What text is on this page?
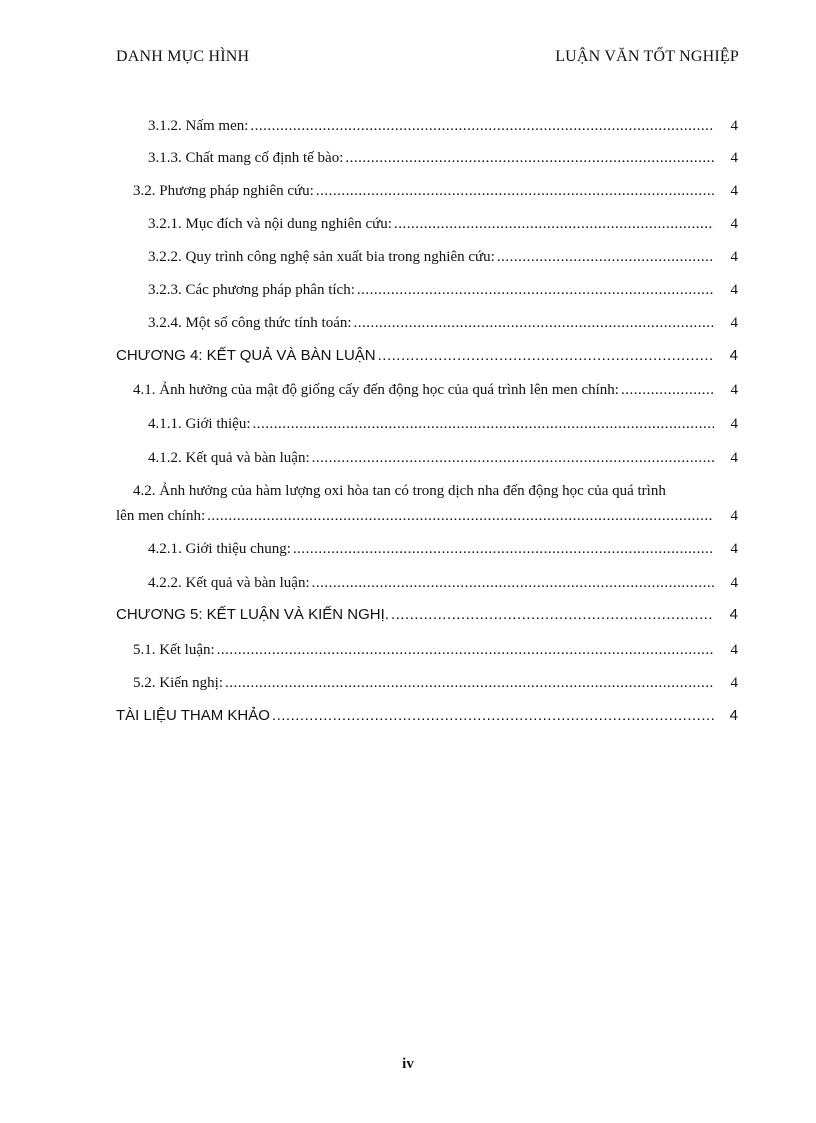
DANH MỤC HÌNH	LUẬN VĂN TỐT NGHIỆP
3.1.2. Nấm men: .....	4
3.1.3. Chất mang cố định tế bào: .....	4
3.2. Phương pháp nghiên cứu: .....	4
3.2.1. Mục đích và nội dung nghiên cứu: .....	4
3.2.2. Quy trình công nghệ sản xuất bia trong nghiên cứu: .....	4
3.2.3. Các phương pháp phân tích: .....	4
3.2.4. Một số công thức tính toán: .....	4
CHƯƠNG 4: KẾT QUẢ VÀ BÀN LUẬN .....	4
4.1. Ảnh hưởng của mật độ giống cấy đến động học của quá trình lên men chính: .....	4
4.1.1. Giới thiệu: .....	4
4.1.2. Kết quả và bàn luận: .....	4
4.2. Ảnh hưởng của hàm lượng oxi hòa tan có trong dịch nha đến động học của quá trình
lên men chính: .....	4
4.2.1. Giới thiệu chung: .....	4
4.2.2. Kết quả và bàn luận: .....	4
CHƯƠNG 5: KẾT LUẬN VÀ KIẾN NGHỊ. .....	4
5.1. Kết luận: .....	4
5.2. Kiến nghị: .....	4
TÀI LIỆU THAM KHẢO .....	4
iv
